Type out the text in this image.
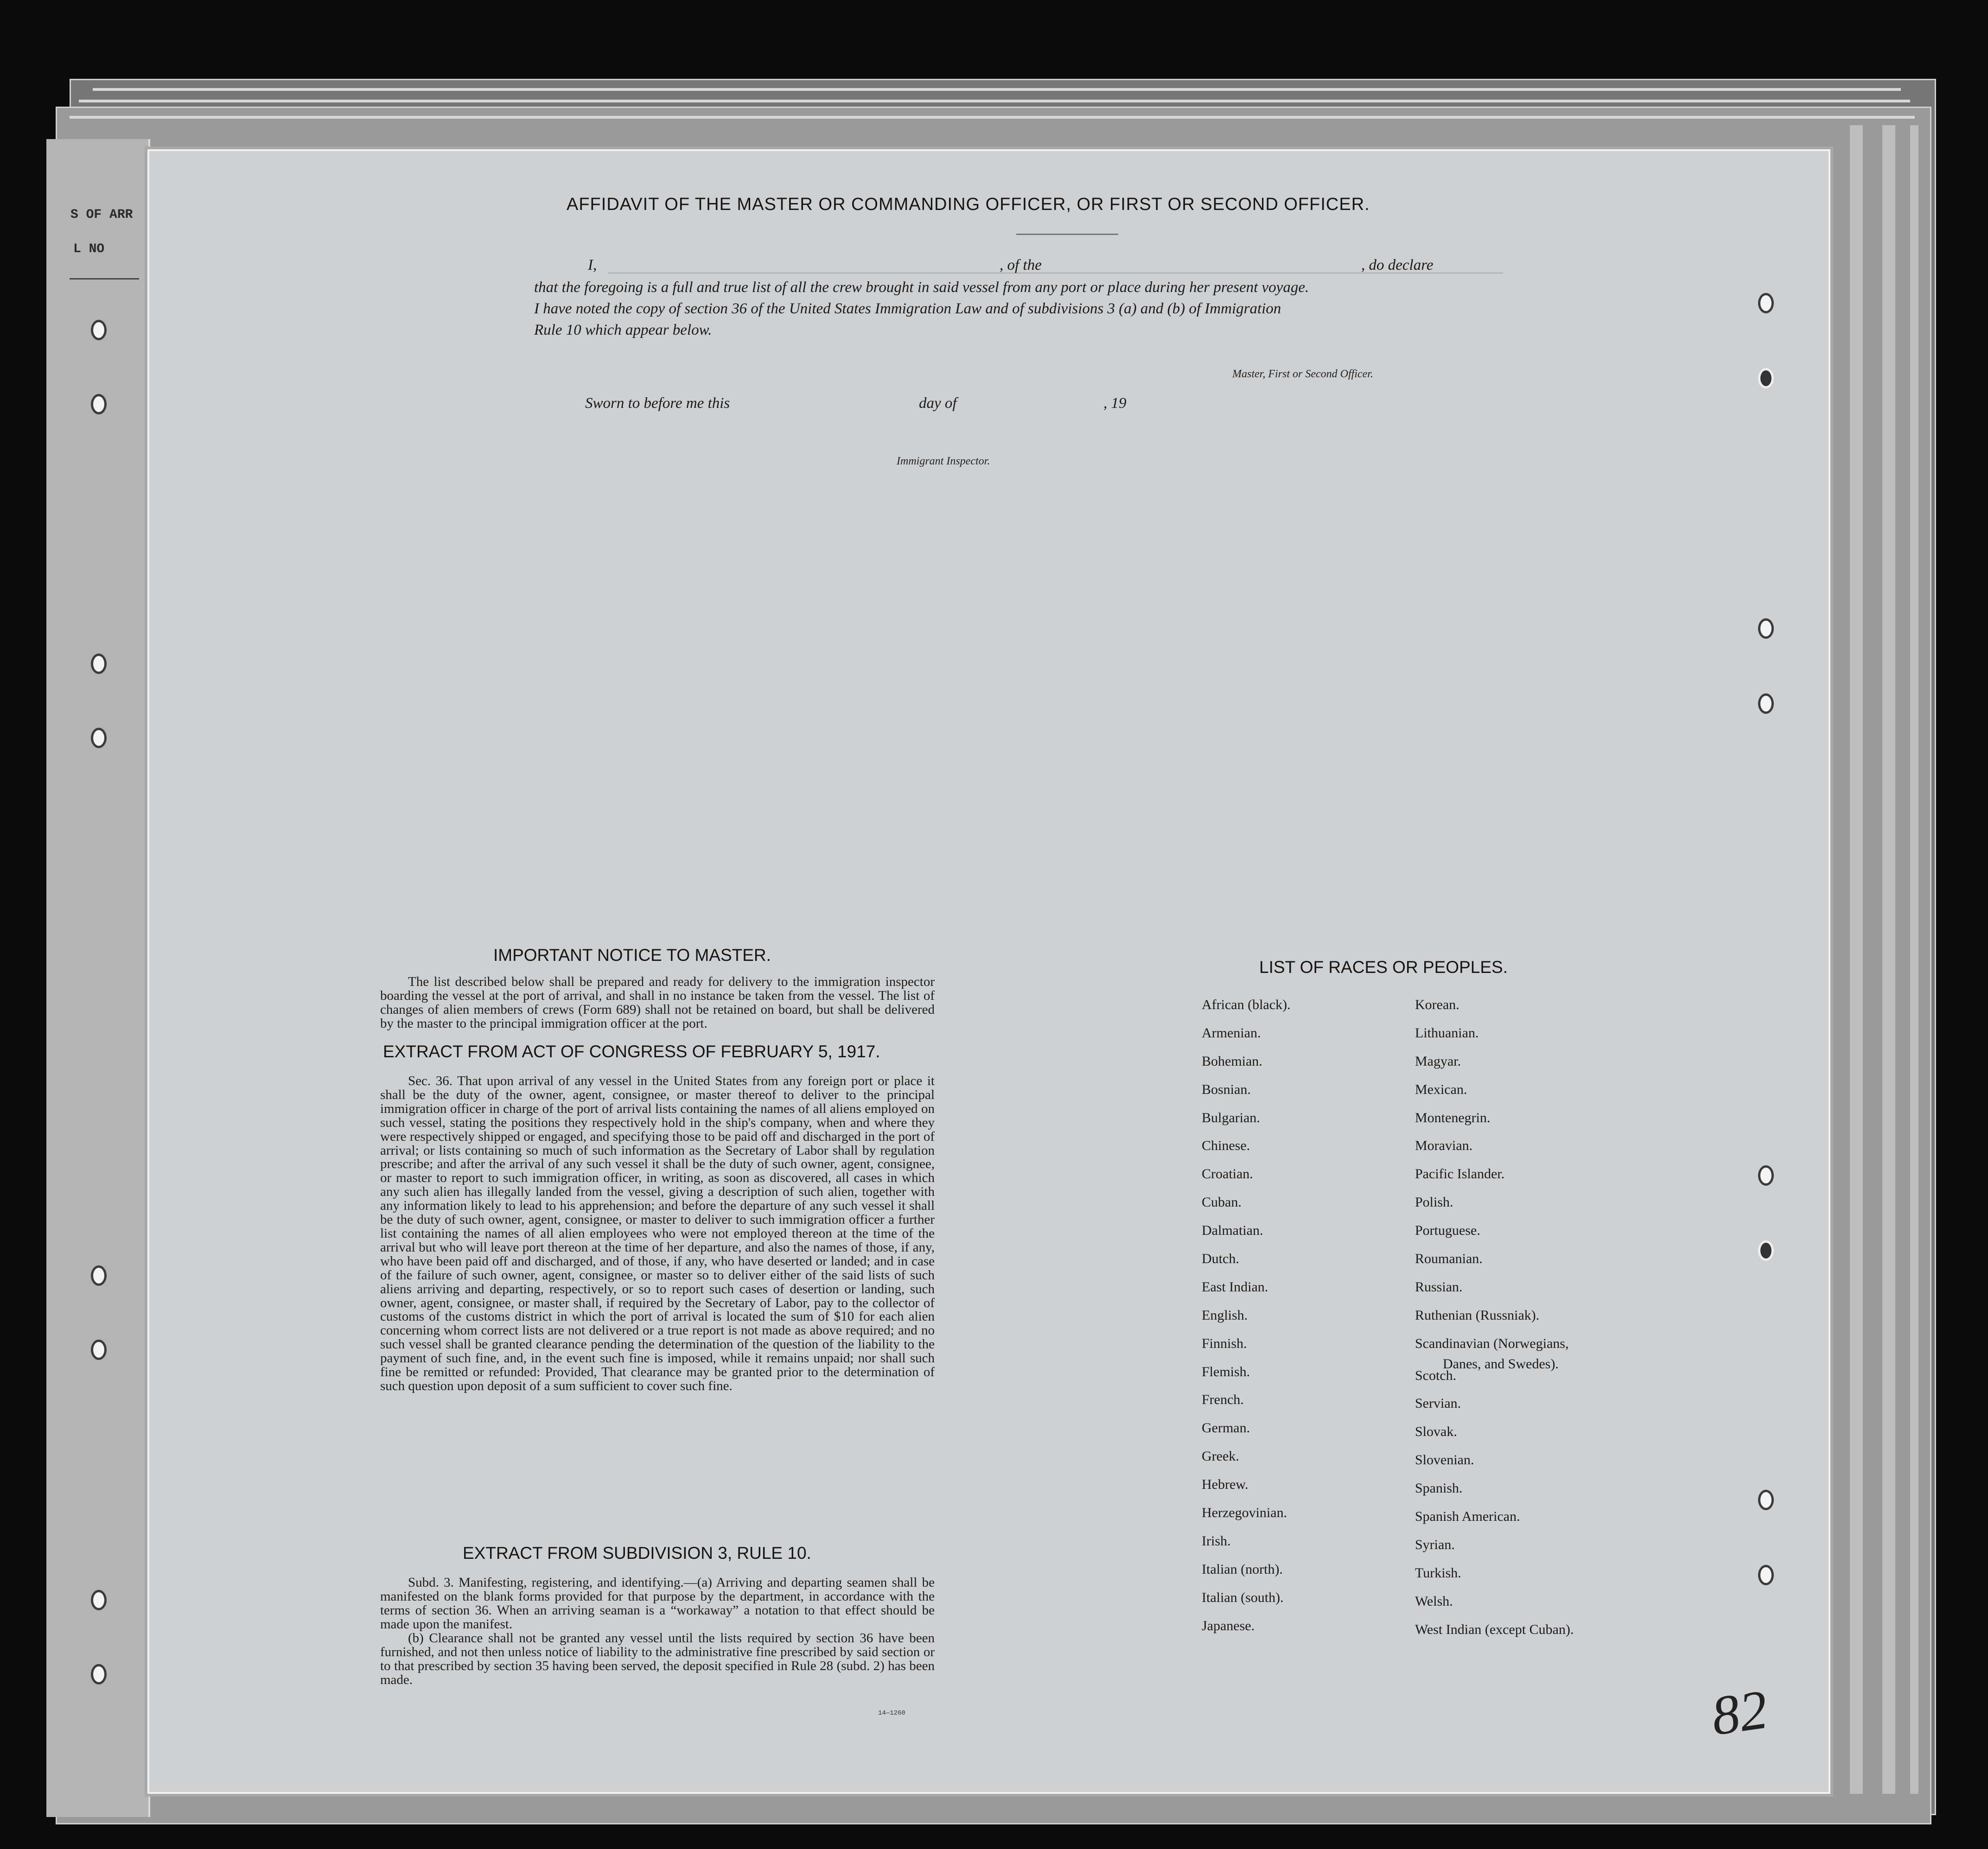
S OF ARR
L NO
AFFIDAVIT OF THE MASTER OR COMMANDING OFFICER, OR FIRST OR SECOND OFFICER.
I,	, of the	, do declare
that the foregoing is a full and true list of all the crew brought in said vessel from any port or place during her present voyage.
I have noted the copy of section 36 of the United States Immigration Law and of subdivisions 3 (a) and (b) of Immigration
Rule 10 which appear below.
Master, First or Second Officer.
Sworn to before me this	day of	, 19
Immigrant Inspector.
IMPORTANT NOTICE TO MASTER.
The list described below shall be prepared and ready for delivery to the immigration inspector boarding the vessel at the port of arrival, and shall in no instance be taken from the vessel. The list of changes of alien members of crews (Form 689) shall not be retained on board, but shall be delivered by the master to the principal immigration officer at the port.
EXTRACT FROM ACT OF CONGRESS OF FEBRUARY 5, 1917.
Sec. 36. That upon arrival of any vessel in the United States from any foreign port or place it shall be the duty of the owner, agent, consignee, or master thereof to deliver to the principal immigration officer in charge of the port of arrival lists containing the names of all aliens employed on such vessel, stating the positions they respectively hold in the ship's company, when and where they were respectively shipped or engaged, and specifying those to be paid off and discharged in the port of arrival; or lists containing so much of such information as the Secretary of Labor shall by regulation prescribe; and after the arrival of any such vessel it shall be the duty of such owner, agent, consignee, or master to report to such immigration officer, in writing, as soon as discovered, all cases in which any such alien has illegally landed from the vessel, giving a description of such alien, together with any information likely to lead to his apprehension; and before the departure of any such vessel it shall be the duty of such owner, agent, consignee, or master to deliver to such immigration officer a further list containing the names of all alien employees who were not employed thereon at the time of the arrival but who will leave port thereon at the time of her departure, and also the names of those, if any, who have been paid off and discharged, and of those, if any, who have deserted or landed; and in case of the failure of such owner, agent, consignee, or master so to deliver either of the said lists of such aliens arriving and departing, respectively, or so to report such cases of desertion or landing, such owner, agent, consignee, or master shall, if required by the Secretary of Labor, pay to the collector of customs of the customs district in which the port of arrival is located the sum of $10 for each alien concerning whom correct lists are not delivered or a true report is not made as above required; and no such vessel shall be granted clearance pending the determination of the question of the liability to the payment of such fine, and, in the event such fine is imposed, while it remains unpaid; nor shall such fine be remitted or refunded: Provided, That clearance may be granted prior to the determination of such question upon deposit of a sum sufficient to cover such fine.
EXTRACT FROM SUBDIVISION 3, RULE 10.
Subd. 3. Manifesting, registering, and identifying.—(a) Arriving and departing seamen shall be manifested on the blank forms provided for that purpose by the department, in accordance with the terms of section 36. When an arriving seaman is a “workaway” a notation to that effect should be made upon the manifest.
(b) Clearance shall not be granted any vessel until the lists required by section 36 have been furnished, and not then unless notice of liability to the administrative fine prescribed by said section or to that prescribed by section 35 having been served, the deposit specified in Rule 28 (subd. 2) has been made.
14—1260
LIST OF RACES OR PEOPLES.
African (black).
Armenian.
Bohemian.
Bosnian.
Bulgarian.
Chinese.
Croatian.
Cuban.
Dalmatian.
Dutch.
East Indian.
English.
Finnish.
Flemish.
French.
German.
Greek.
Hebrew.
Herzegovinian.
Irish.
Italian (north).
Italian (south).
Japanese.
Korean.
Lithuanian.
Magyar.
Mexican.
Montenegrin.
Moravian.
Pacific Islander.
Polish.
Portuguese.
Roumanian.
Russian.
Ruthenian (Russniak).
Scandinavian (Norwegians,
Scotch.
Servian.
Slovak.
Slovenian.
Spanish.
Spanish American.
Syrian.
Turkish.
Welsh.
West Indian (except Cuban).
Danes, and Swedes).
82
